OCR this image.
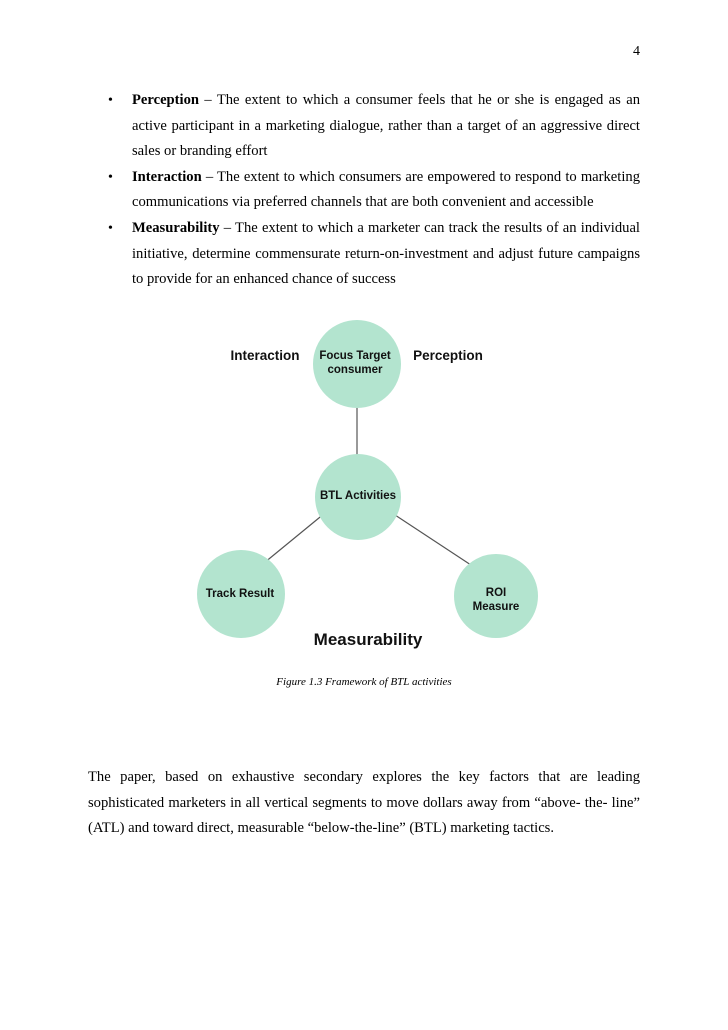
4
• Perception – The extent to which a consumer feels that he or she is engaged as an active participant in a marketing dialogue, rather than a target of an aggressive direct sales or branding effort
• Interaction – The extent to which consumers are empowered to respond to marketing communications via preferred channels that are both convenient and accessible
• Measurability – The extent to which a marketer can track the results of an individual initiative, determine commensurate return-on-investment and adjust future campaigns to provide for an enhanced chance of success
Focus Target
consumer
BTL Activities
Track Result	ROI
Measure
Interaction	Perception
Measurability
Figure 1.3 Framework of BTL activities

The paper, based on exhaustive secondary explores the key factors that are leading sophisticated marketers in all vertical segments to move dollars away from “above- the- line” (ATL) and toward direct, measurable “below-the-line” (BTL) marketing tactics.
